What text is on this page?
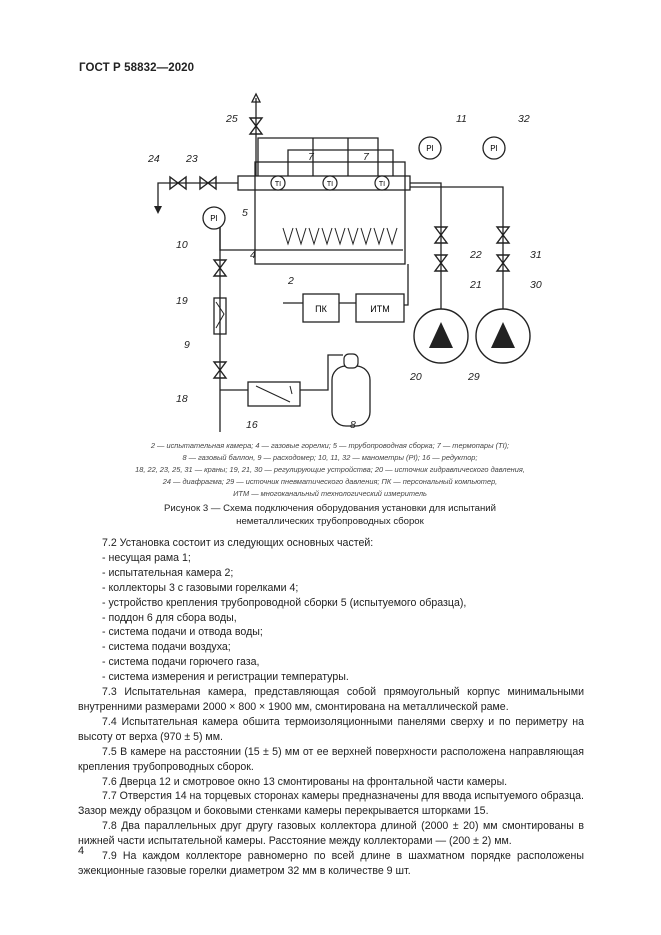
ГОСТ Р 58832—2020
PI
PI	PI
TI	TI	TI
ПК	ИТМ
25
24	23	7	7
11	32
5
10
22	31
4
2
19
21	30
9
20	29
18
16	8
2 — испытательная камера; 4 — газовые горелки; 5 — трубопроводная сборка; 7 — термопары (TI);
8 — газовый баллон, 9 — расходомер; 10, 11, 32 — манометры (PI); 16 — редуктор;
18, 22, 23, 25, 31 — краны; 19, 21, 30 — регулирующие устройства; 20 — источник гидравлического давления,
24 — диафрагма; 29 — источник пневматического давления; ПК — персональный компьютер,
ИТМ — многоканальный технологический измеритель
Рисунок 3 — Схема подключения оборудования установки для испытаний
неметаллических трубопроводных сборок

7.2 Установка состоит из следующих основных частей:

- несущая рама 1;

- испытательная камера 2;

- коллекторы 3 с газовыми горелками 4;

- устройство крепления трубопроводной сборки 5 (испытуемого образца),

- поддон 6 для сбора воды,

- система подачи и отвода воды;

- система подачи воздуха;

- система подачи горючего газа,

- система измерения и регистрации температуры.

7.3 Испытательная камера, представляющая собой прямоугольный корпус минимальными внутренними размерами 2000 × 800 × 1900 мм, смонтирована на металлической раме.

7.4 Испытательная камера обшита термоизоляционными панелями сверху и по периметру на высоту от верха (970 ± 5) мм.

7.5 В камере на расстоянии (15 ± 5) мм от ее верхней поверхности расположена направляющая крепления трубопроводных сборок.

7.6 Дверца 12 и смотровое окно 13 смонтированы на фронтальной части камеры.

7.7 Отверстия 14 на торцевых сторонах камеры предназначены для ввода испытуемого образца. Зазор между образцом и боковыми стенками камеры перекрывается шторками 15.

7.8 Два параллельных друг другу газовых коллектора длиной (2000 ± 20) мм смонтированы в нижней части испытательной камеры. Расстояние между коллекторами — (200 ± 2) мм.

7.9 На каждом коллекторе равномерно по всей длине в шахматном порядке расположены эжекционные газовые горелки диаметром 32 мм в количестве 9 шт.

4
